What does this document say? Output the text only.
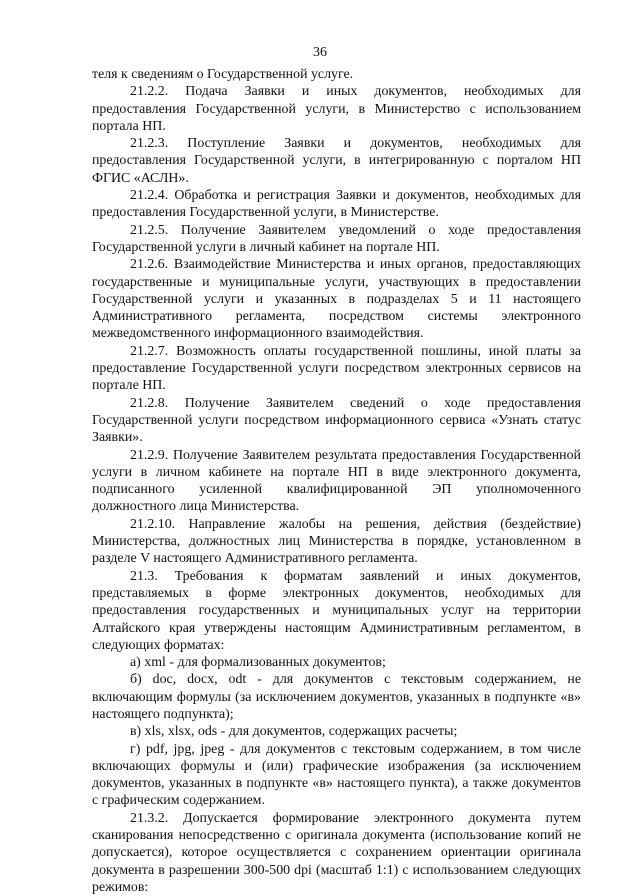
36

теля к сведениям о Государственной услуге.

21.2.2. Подача Заявки и иных документов, необходимых для предоставления Государственной услуги, в Министерство с использованием портала НП.

21.2.3. Поступление Заявки и документов, необходимых для предоставления Государственной услуги, в интегрированную с порталом НП ФГИС «АСЛН».

21.2.4. Обработка и регистрация Заявки и документов, необходимых для предоставления Государственной услуги, в Министерстве.

21.2.5. Получение Заявителем уведомлений о ходе предоставления Государственной услуги в личный кабинет на портале НП.

21.2.6. Взаимодействие Министерства и иных органов, предоставляющих государственные и муниципальные услуги, участвующих в предоставлении Государственной услуги и указанных в подразделах 5 и 11 настоящего Административного регламента, посредством системы электронного межведомственного информационного взаимодействия.

21.2.7. Возможность оплаты государственной пошлины, иной платы за предоставление Государственной услуги посредством электронных сервисов на портале НП.

21.2.8. Получение Заявителем сведений о ходе предоставления Государственной услуги посредством информационного сервиса «Узнать статус Заявки».

21.2.9. Получение Заявителем результата предоставления Государственной услуги в личном кабинете на портале НП в виде электронного документа, подписанного усиленной квалифицированной ЭП уполномоченного должностного лица Министерства.

21.2.10. Направление жалобы на решения, действия (бездействие) Министерства, должностных лиц Министерства в порядке, установленном в разделе V настоящего Административного регламента.

21.3. Требования к форматам заявлений и иных документов, представляемых в форме электронных документов, необходимых для предоставления государственных и муниципальных услуг на территории Алтайского края утверждены настоящим Административным регламентом, в следующих форматах:

а) xml - для формализованных документов;

б) doc, docx, odt - для документов с текстовым содержанием, не включающим формулы (за исключением документов, указанных в подпункте «в» настоящего подпункта);

в) xls, xlsx, ods - для документов, содержащих расчеты;

г) pdf, jpg, jpeg - для документов с текстовым содержанием, в том числе включающих формулы и (или) графические изображения (за исключением документов, указанных в подпункте «в» настоящего пункта), а также документов с графическим содержанием.

21.3.2. Допускается формирование электронного документа путем сканирования непосредственно с оригинала документа (использование копий не допускается), которое осуществляется с сохранением ориентации оригинала документа в разрешении 300-500 dpi (масштаб 1:1) с использованием следующих режимов:
